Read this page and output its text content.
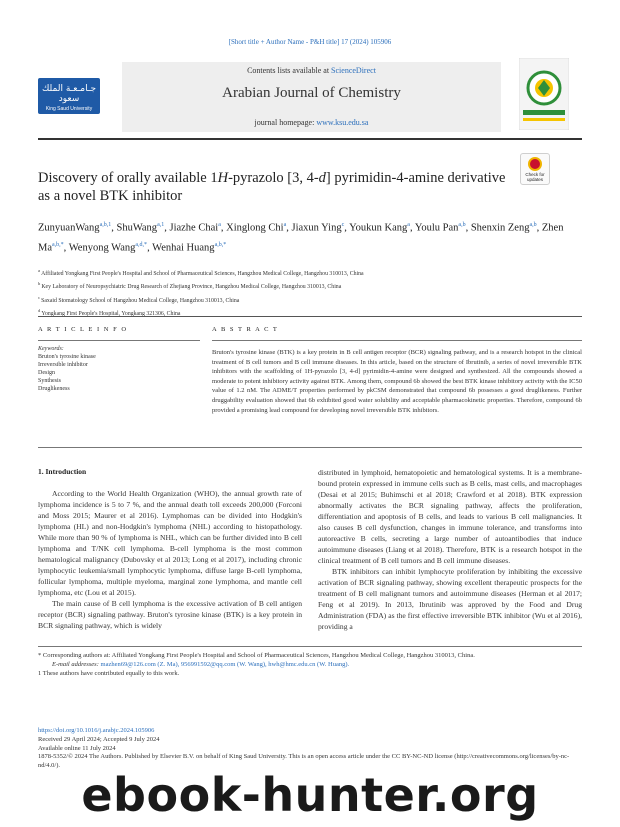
[Short title + Author Name - P&H title] 17 (2024) 105906
جـامـعـة الملك سعود
King Saud University
Contents lists available at ScienceDirect
Arabian Journal of Chemistry
journal homepage: www.ksu.edu.sa
Discovery of orally available 1H-pyrazolo [3, 4-d] pyrimidin-4-amine derivative as a novel BTK inhibitor
Check for updates
ZunyuanWang$^{a,b,1}$, ShuWang$^{a,1}$, Jiazhe Chai$^a$, Xinglong Chi$^a$, Jiaxun Ying$^c$, Youkun Kang$^a$, Youlu Pan$^{a,b}$, Shenxin Zeng$^{a,b}$, Zhen $Ma^{a,b,*}$, Wenyong Wang$^{a,d,*}$, Wenhai Huang$^{a,b,*}$
$^a$ Affiliated Yongkang First People's Hospital and School of Pharmaceutical Sciences, Hangzhou Medical College, Hangzhou 310013, China
$^b$ Key Laboratory of Neuropsychiatric Drug Research of Zhejiang Province, Hangzhou Medical College, Hangzhou 310013, China
$^c$ Saxaid Stomatology School of Hangzhou Medical College, Hangzhou 310013, China
$^d$ Yongkang First People's Hospital, Yongkang 321306, China
A R T I C L E I N F O	A B S T R A C T
Keywords:
Bruton's tyrosine kinase
Irreversible inhibitor
Design
Synthesis
Druglikeness
Bruton's tyrosine kinase (BTK) is a key protein in B cell antigen receptor (BCR) signaling pathway, and is a research hotspot in the clinical treatment of B cell tumors and B cell immune diseases. In this article, based on the structure of Ibrutinib, a series of novel irreversible BTK inhibitors with the scaffolding of 1H-pyrazolo [3, 4-d] pyrimidin-4-amine were designed and synthesized. All the compounds showed a moderate to potent inhibitory activity against BTK. Among them, compound 6b showed the best BTK kinase inhibitory activity with the IC50 value of 1.2 nM. The ADME/T properties performed by pkCSM demonstrated that compound 6b possesses a good druglikeness. Further druggability evaluation showed that 6b exhibited good water solubility and acceptable pharmacokinetic properties. Therefore, compound 6b provided a promising lead compound for developing novel irreversible BTK inhibitors.
1. Introduction

According to the World Health Organization (WHO), the annual growth rate of lymphoma incidence is 5 to 7 %, and the annual death toll exceeds 200,000 (Forconi and Moss 2015; Maurer et al 2016). Lymphomas can be divided into Hodgkin's lymphoma (HL) and non-Hodgkin's lymphoma (NHL) according to histopathology. While more than 90 % of lymphoma is NHL, which can be further divided into B cell lymphoma and T/NK cell lymphoma. B-cell lymphoma is the most common hematological malignancy (Dubovsky et al 2013; Long et al 2017), including chronic lymphocytic leukemia/small lymphocytic lymphoma, diffuse large B-cell lymphoma, follicular lymphoma, multiple myeloma, marginal zone lymphoma, and mantle cell lymphoma, etc (Lou et al 2015).

The main cause of B cell lymphoma is the excessive activation of B cell antigen receptor (BCR) signaling pathway. Bruton's tyrosine kinase (BTK) is a key protein in BCR signaling pathway, which is widely

distributed in lymphoid, hematopoietic and hematological systems. It is a membrane-bound protein expressed in immune cells such as B cells, mast cells, and macrophages (Desai et al 2015; Buhimschi et al 2018; Crawford et al 2018). BTK expression abnormally activates the BCR signaling pathway, affects the proliferation, differentiation and apoptosis of B cells, and leads to various B cell malignancies. It also causes B cell dysfunction, changes in immune tolerance, and transforms into autoreactive B cells, secreting a large number of autoantibodies that induce autoimmune diseases (Liang et al 2018). Therefore, BTK is a research hotspot in the clinical treatment of B cell tumors and B cell immune diseases.

BTK inhibitors can inhibit lymphocyte proliferation by inhibiting the excessive activation of BCR signaling pathway, showing excellent therapeutic prospects for the treatment of B cell malignant tumors and autoimmune diseases (Herman et al 2017; Feng et al 2019). In 2013, Ibrutinib was approved by the Food and Drug Administration (FDA) as the first effective irreversible BTK inhibitor (Wu et al 2016), providing a

* Corresponding authors at: Affiliated Yongkang First People's Hospital and School of Pharmaceutical Sciences, Hangzhou Medical College, Hangzhou 310013, China.
E-mail addresses: mazhen69@126.com (Z. Ma), 956991592@qq.com (W. Wang), hwh@hmc.edu.cn (W. Huang).
1 These authors have contributed equally to this work.
https://doi.org/10.1016/j.arabjc.2024.105906
Received 29 April 2024; Accepted 9 July 2024
Available online 11 July 2024
1878-5352/© 2024 The Authors. Published by Elsevier B.V. on behalf of King Saud University. This is an open access article under the CC BY-NC-ND license (http://creativecommons.org/licenses/by-nc-nd/4.0/).
ebook-hunter.org
